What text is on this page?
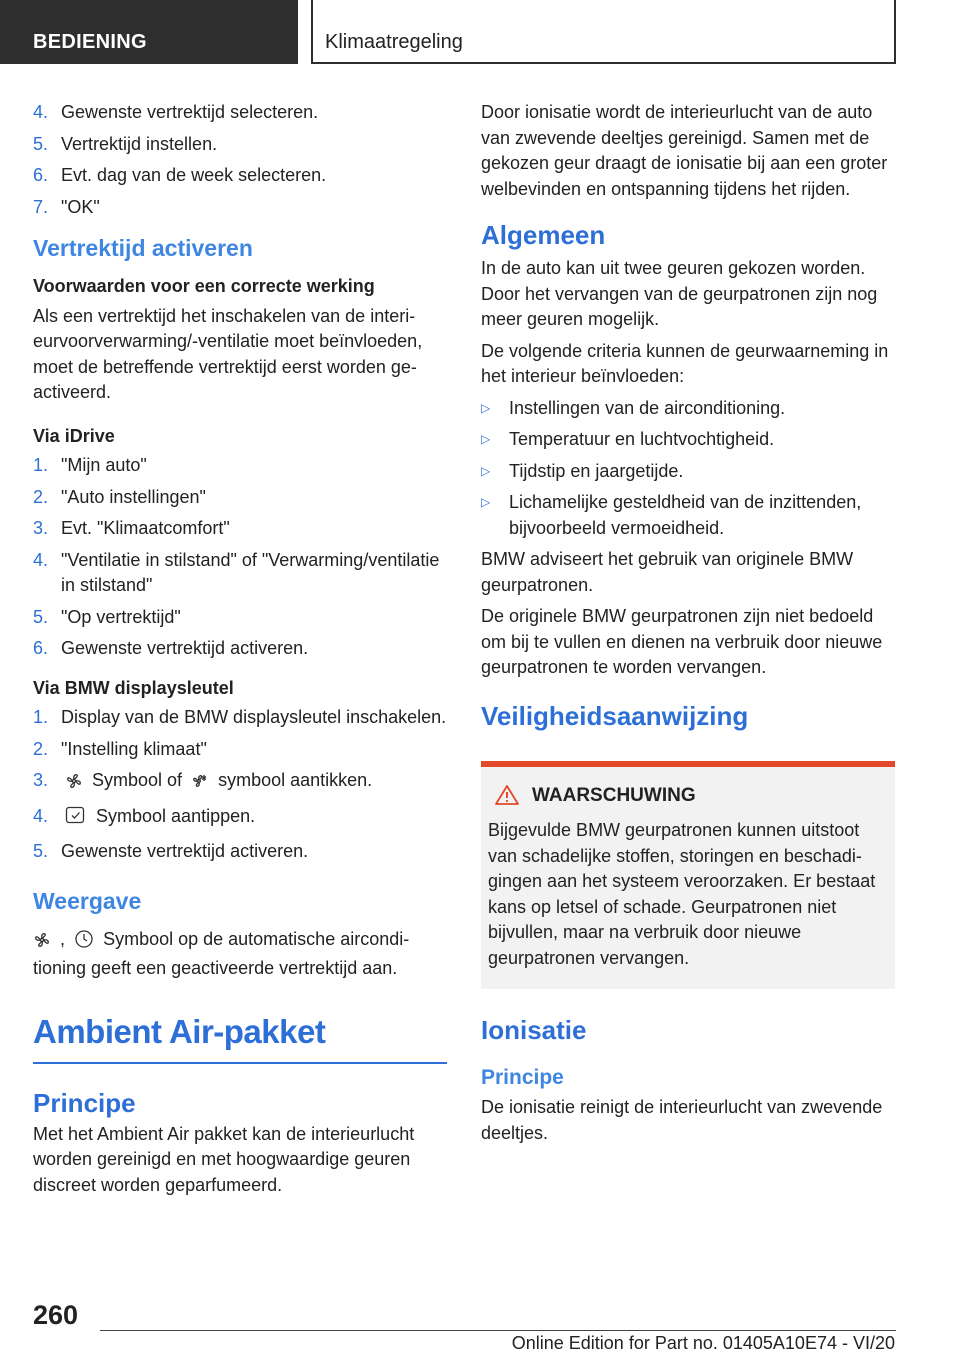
BEDIENING	Klimaatregeling
4. Gewenste vertrektijd selecteren.
5. Vertrektijd instellen.
6. Evt. dag van de week selecteren.
7. "OK"
Vertrektijd activeren
Voorwaarden voor een correcte werking

Als een vertrektijd het inschakelen van de interieurvoorverwarming/-ventilatie moet beïnvloeden, moet de betreffende vertrektijd eerst worden geactiveerd.

Via iDrive
1. "Mijn auto"
2. "Auto instellingen"
3. Evt. "Klimaatcomfort"
4. "Ventilatie in stilstand" of "Verwarming/ventilatie in stilstand"
5. "Op vertrektijd"
6. Gewenste vertrektijd activeren.
Via BMW displaysleutel
1. Display van de BMW displaysleutel inschakelen.
2. "Instelling klimaat"
3.	Symbool of symbool aantikken.
4.	Symbool aantippen.
5. Gewenste vertrektijd activeren.
Weergave

, Symbool op de automatische airconditioning geeft een geactiveerde vertrektijd aan.

Ambient Air-pakket
Principe

Met het Ambient Air pakket kan de interieurlucht worden gereinigd en met hoogwaardige geuren discreet worden geparfumeerd.

Door ionisatie wordt de interieurlucht van de auto van zwevende deeltjes gereinigd. Samen met de gekozen geur draagt de ionisatie bij aan een groter welbevinden en ontspanning tijdens het rijden.

Algemeen

In de auto kan uit twee geuren gekozen worden. Door het vervangen van de geurpatronen zijn nog meer geuren mogelijk.

De volgende criteria kunnen de geurwaarneming in het interieur beïnvloeden:

▷	Instellingen van de airconditioning.
▷	Temperatuur en luchtvochtigheid.
▷	Tijdstip en jaargetijde.
▷	Lichamelijke gesteldheid van de inzittenden, bijvoorbeeld vermoeidheid.

BMW adviseert het gebruik van originele BMW geurpatronen.

De originele BMW geurpatronen zijn niet bedoeld om bij te vullen en dienen na verbruik door nieuwe geurpatronen te worden vervangen.

Veiligheidsaanwijzing
WAARSCHUWING
Bijgevulde BMW geurpatronen kunnen uitstoot van schadelijke stoffen, storingen en beschadigingen aan het systeem veroorzaken. Er bestaat kans op letsel of schade. Geurpatronen niet bijvullen, maar na verbruik door nieuwe geurpatronen vervangen.
Ionisatie
Principe

De ionisatie reinigt de interieurlucht van zwevende deeltjes.

260
Online Edition for Part no. 01405A10E74 - VI/20
